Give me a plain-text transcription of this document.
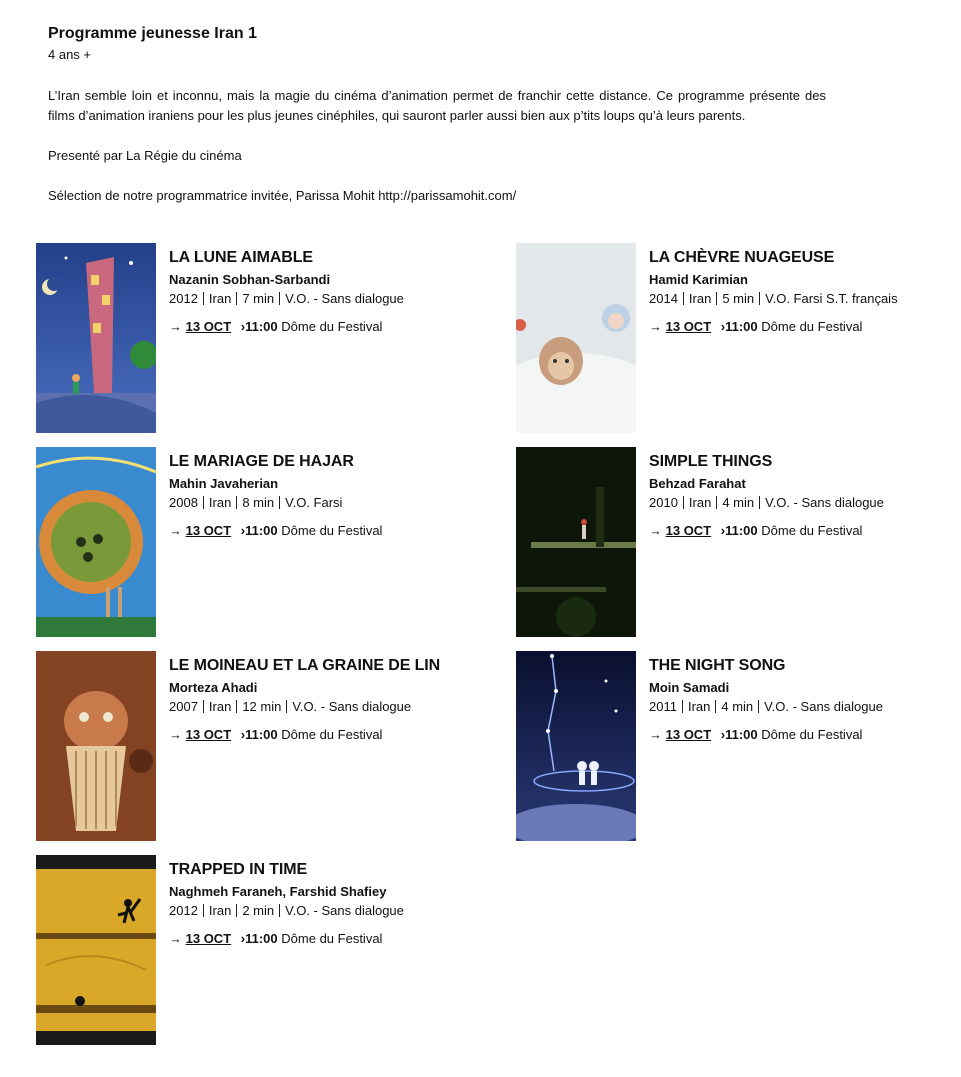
Programme jeunesse Iran 1

4 ans +

L’Iran semble loin et inconnu, mais la magie du cinéma d’animation permet de franchir cette distance. Ce programme présente des films d’animation iraniens pour les plus jeunes cinéphiles, qui sauront parler aussi bien aux p’tits loups qu’à leurs parents.

Presenté par La Régie du cinéma

Sélection de notre programmatrice invitée, Parissa Mohit http://parissamohit.com/

LA LUNE AIMABLE
Nazanin Sobhan-Sarbandi
2012 Iran 7 min V.O. - Sans dialogue
→ 13 OCT ›11:00 Dôme du Festival
LA CHÈVRE NUAGEUSE
Hamid Karimian
2014 Iran 5 min V.O. Farsi S.T. français
→ 13 OCT ›11:00 Dôme du Festival
LE MARIAGE DE HAJAR
Mahin Javaherian
2008 Iran 8 min V.O. Farsi
→ 13 OCT ›11:00 Dôme du Festival
SIMPLE THINGS
Behzad Farahat
2010 Iran 4 min V.O. - Sans dialogue
→ 13 OCT ›11:00 Dôme du Festival
LE MOINEAU ET LA GRAINE DE LIN
Morteza Ahadi
2007 Iran 12 min V.O. - Sans dialogue
→ 13 OCT ›11:00 Dôme du Festival
THE NIGHT SONG
Moin Samadi
2011 Iran 4 min V.O. - Sans dialogue
→ 13 OCT ›11:00 Dôme du Festival
TRAPPED IN TIME
Naghmeh Faraneh, Farshid Shafiey
2012 Iran 2 min V.O. - Sans dialogue
→ 13 OCT ›11:00 Dôme du Festival
